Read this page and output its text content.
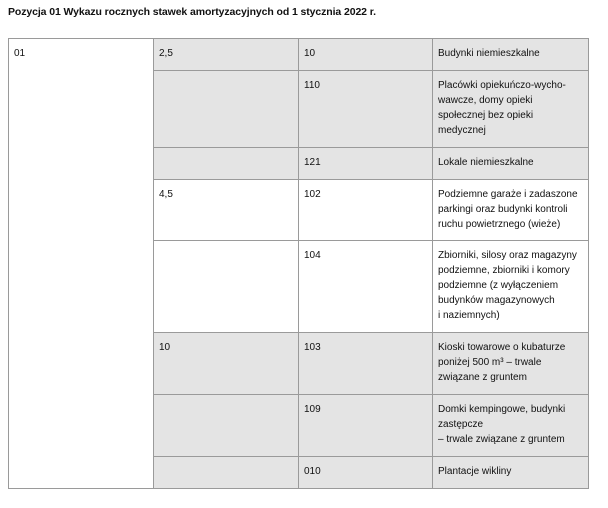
Pozycja 01 Wykazu rocznych stawek amortyzacyjnych od 1 stycznia 2022 r.
01	2,5	10	Budynki niemieszkalne
		110	Placówki opiekuńczo-wycho-
wawcze, domy opieki
społecznej bez opieki
medycznej
		121	Lokale niemieszkalne
	4,5	102	Podziemne garaże i zadaszone
parkingi oraz budynki kontroli
ruchu powietrznego (wieże)
		104	Zbiorniki, silosy oraz magazyny
podziemne, zbiorniki i komory
podziemne (z wyłączeniem
budynków magazynowych
i naziemnych)
	10	103	Kioski towarowe o kubaturze
poniżej 500 m³ – trwale
związane z gruntem
		109	Domki kempingowe, budynki
zastępcze
– trwale związane z gruntem
		010	Plantacje wikliny
